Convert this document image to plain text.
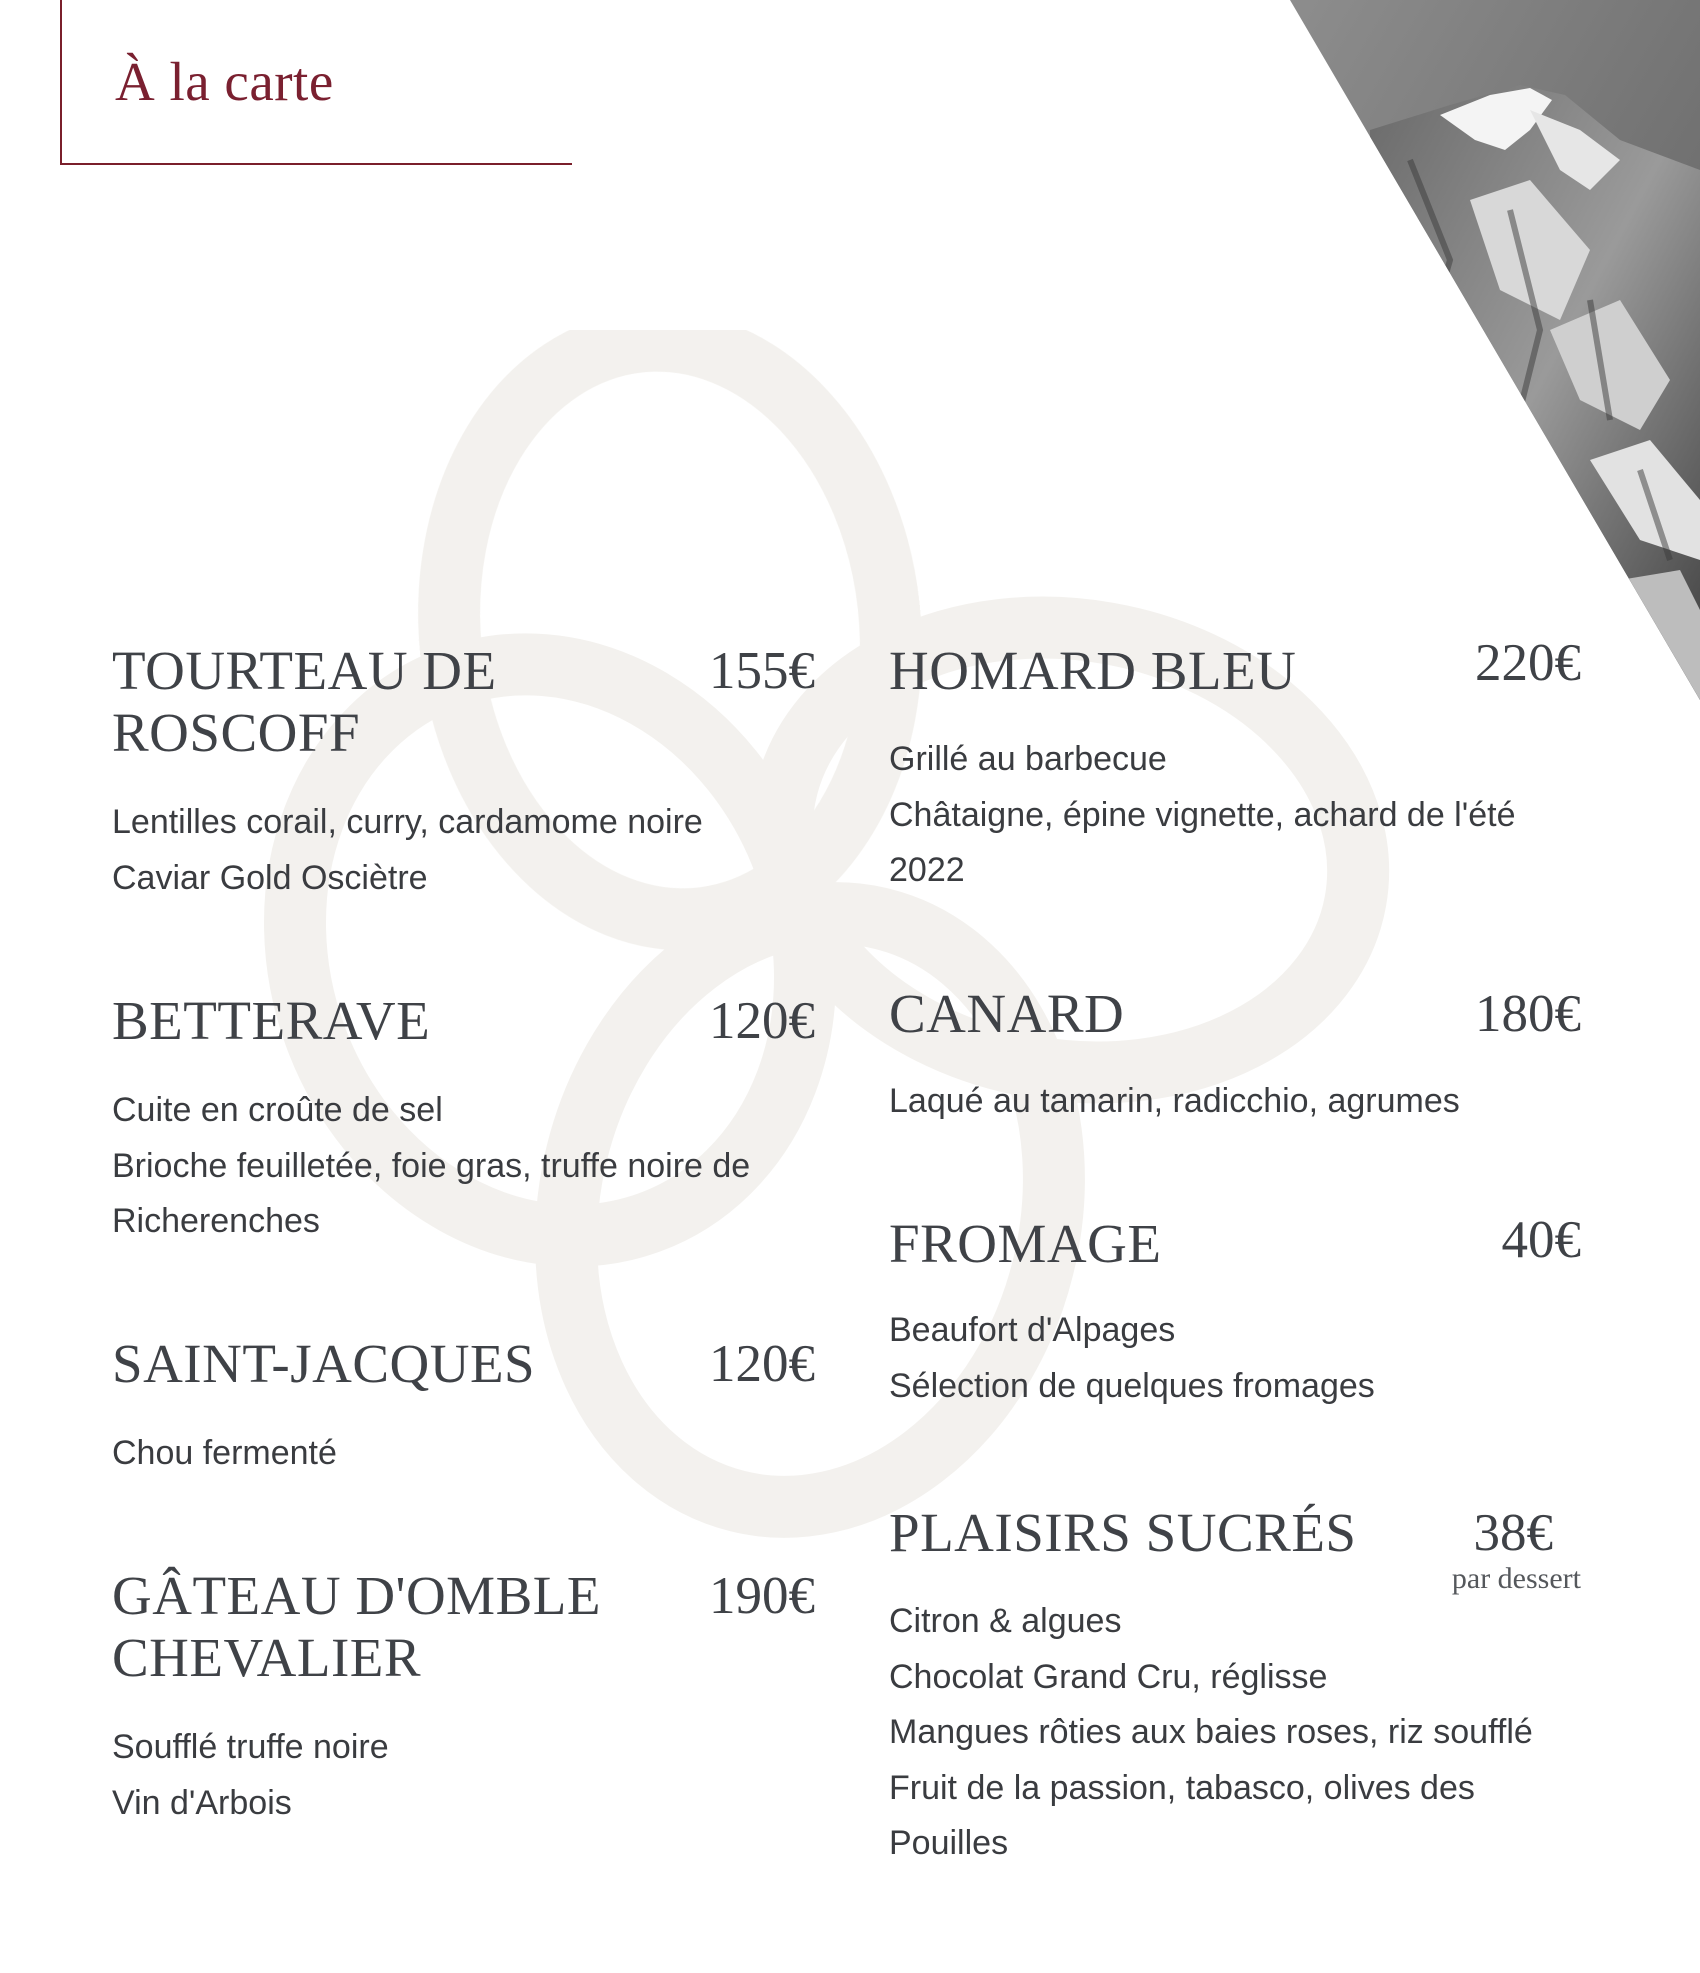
À la carte
TOURTEAU DE
ROSCOFF
155€
Lentilles corail, curry, cardamome noire
Caviar Gold Osciètre
BETTERAVE	120€
Cuite en croûte de sel
Brioche feuilletée, foie gras, truffe noire de
Richerenches
SAINT-JACQUES	120€
Chou fermenté
GÂTEAU D'OMBLE
CHEVALIER
190€
Soufflé truffe noire
Vin d'Arbois
HOMARD BLEU	220€
Grillé au barbecue
Châtaigne, épine vignette, achard de l'été
2022
CANARD	180€
Laqué au tamarin, radicchio, agrumes
FROMAGE	40€
Beaufort d'Alpages
Sélection de quelques fromages
PLAISIRS SUCRÉS 38€
par dessert
Citron & algues
Chocolat Grand Cru, réglisse
Mangues rôties aux baies roses, riz soufflé
Fruit de la passion, tabasco, olives des
Pouilles
